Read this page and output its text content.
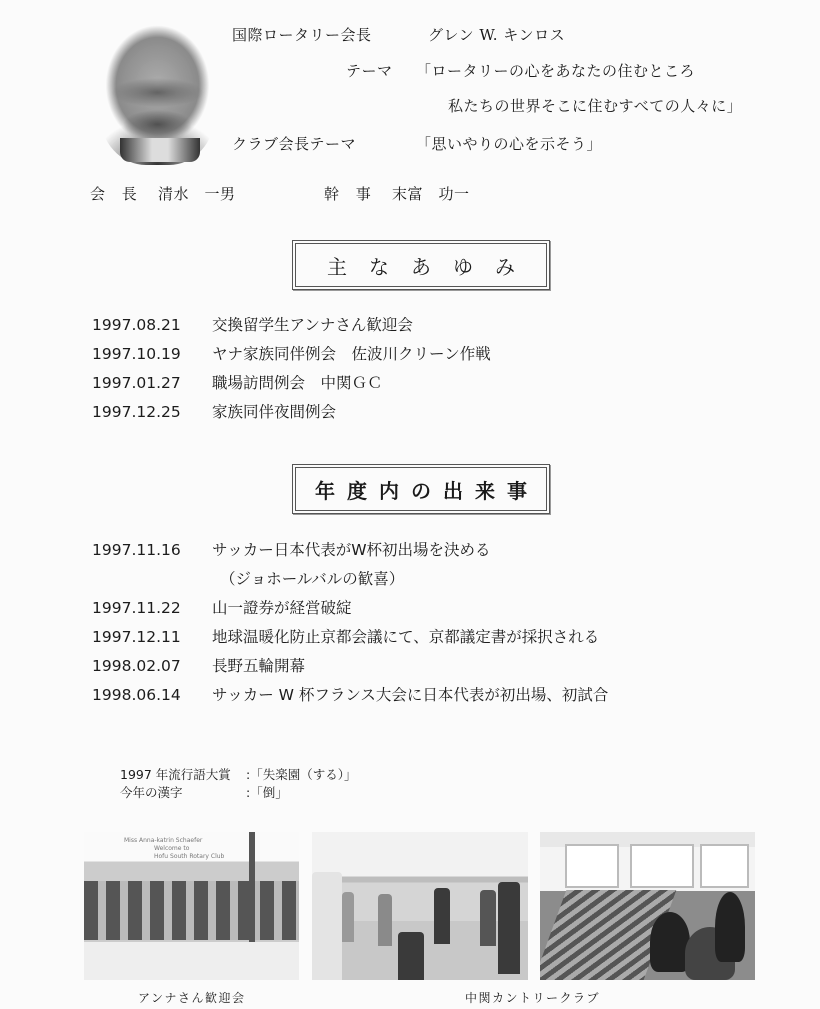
国際ロータリー会長	グレン W. キンロス
テーマ 「ロータリーの心をあなたの住むところ
私たちの世界そこに住むすべての人々に」
クラブ会長テーマ	「思いやりの心を示そう」
会 長 清水　一男	幹 事 末富　功一
主なあゆみ
1997.08.21 交換留学生アンナさん歓迎会
1997.10.19 ヤナ家族同伴例会　佐波川クリーン作戦
1997.01.27 職場訪問例会　中関ＧＣ
1997.12.25 家族同伴夜間例会
年度内の出来事
1997.11.16 サッカー日本代表がW杯初出場を決める
（ジョホールバルの歓喜）
1997.11.22 山一證券が経営破綻
1997.12.11 地球温暖化防止京都会議にて、京都議定書が採択される
1998.02.07 長野五輪開幕
1998.06.14 サッカー W 杯フランス大会に日本代表が初出場、初試合
1997 年流行語大賞 :「失楽園（する）」
今年の漢字	:「倒」
Miss Anna-katrin Schaefer
Welcome to
Hofu South Rotary Club
アンナさん歓迎会	中関カントリークラブ
